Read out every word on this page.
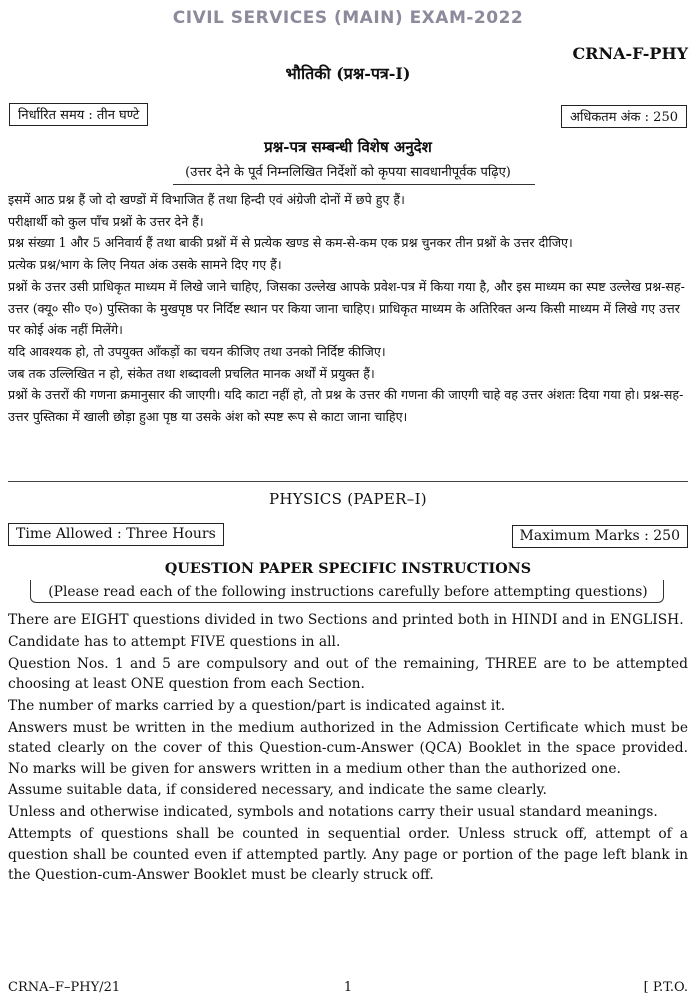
CIVIL SERVICES (MAIN) EXAM-2022
CRNA-F-PHY
भौतिकी (प्रश्न-पत्र-I)
निर्धारित समय : तीन घण्टे	अधिकतम अंक : 250
प्रश्न-पत्र सम्बन्धी विशेष अनुदेश
(उत्तर देने के पूर्व निम्नलिखित निर्देशों को कृपया सावधानीपूर्वक पढ़िए)

इसमें आठ प्रश्न हैं जो दो खण्डों में विभाजित हैं तथा हिन्दी एवं अंग्रेजी दोनों में छपे हुए हैं।

परीक्षार्थी को कुल पाँच प्रश्नों के उत्तर देने हैं।

प्रश्न संख्या 1 और 5 अनिवार्य हैं तथा बाकी प्रश्नों में से प्रत्येक खण्ड से कम-से-कम एक प्रश्न चुनकर तीन प्रश्नों के उत्तर दीजिए।

प्रत्येक प्रश्न/भाग के लिए नियत अंक उसके सामने दिए गए हैं।

प्रश्नों के उत्तर उसी प्राधिकृत माध्यम में लिखे जाने चाहिए, जिसका उल्लेख आपके प्रवेश-पत्र में किया गया है, और इस माध्यम का स्पष्ट उल्लेख प्रश्न-सह-उत्तर (क्यू० सी० ए०) पुस्तिका के मुखपृष्ठ पर निर्दिष्ट स्थान पर किया जाना चाहिए। प्राधिकृत माध्यम के अतिरिक्त अन्य किसी माध्यम में लिखे गए उत्तर पर कोई अंक नहीं मिलेंगे।

यदि आवश्यक हो, तो उपयुक्त आँकड़ों का चयन कीजिए तथा उनको निर्दिष्ट कीजिए।

जब तक उल्लिखित न हो, संकेत तथा शब्दावली प्रचलित मानक अर्थों में प्रयुक्त हैं।

प्रश्नों के उत्तरों की गणना क्रमानुसार की जाएगी। यदि काटा नहीं हो, तो प्रश्न के उत्तर की गणना की जाएगी चाहे वह उत्तर अंशतः दिया गया हो। प्रश्न-सह-उत्तर पुस्तिका में खाली छोड़ा हुआ पृष्ठ या उसके अंश को स्पष्ट रूप से काटा जाना चाहिए।

PHYSICS (PAPER–I)
Time Allowed : Three Hours	Maximum Marks : 250
QUESTION PAPER SPECIFIC INSTRUCTIONS
(Please read each of the following instructions carefully before attempting questions)

There are EIGHT questions divided in two Sections and printed both in HINDI and in ENGLISH.

Candidate has to attempt FIVE questions in all.

Question Nos. 1 and 5 are compulsory and out of the remaining, THREE are to be attempted choosing at least ONE question from each Section.

The number of marks carried by a question/part is indicated against it.

Answers must be written in the medium authorized in the Admission Certificate which must be stated clearly on the cover of this Question-cum-Answer (QCA) Booklet in the space provided. No marks will be given for answers written in a medium other than the authorized one.

Assume suitable data, if considered necessary, and indicate the same clearly.

Unless and otherwise indicated, symbols and notations carry their usual standard meanings.

Attempts of questions shall be counted in sequential order. Unless struck off, attempt of a question shall be counted even if attempted partly. Any page or portion of the page left blank in the Question-cum-Answer Booklet must be clearly struck off.

CRNA–F–PHY/21	1	[ P.T.O.
